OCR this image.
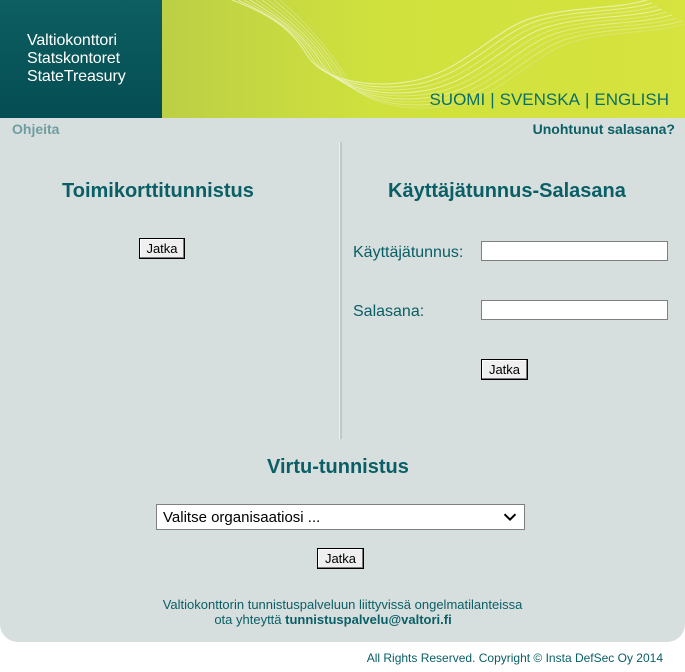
Valtiokonttori
Statskontoret
StateTreasury
SUOMI | SVENSKA | ENGLISH
Ohjeita	Unohtunut salasana?
Toimikorttitunnistus
Jatka
Käyttäjätunnus-Salasana
Käyttäjätunnus:
Salasana:
Jatka
Virtu-tunnistus
Valitse organisaatiosi ...
Jatka
Valtiokonttorin tunnistuspalveluun liittyvissä ongelmatilanteissa
ota yhteyttä tunnistuspalvelu@valtori.fi
All Rights Reserved. Copyright © Insta DefSec Oy 2014
